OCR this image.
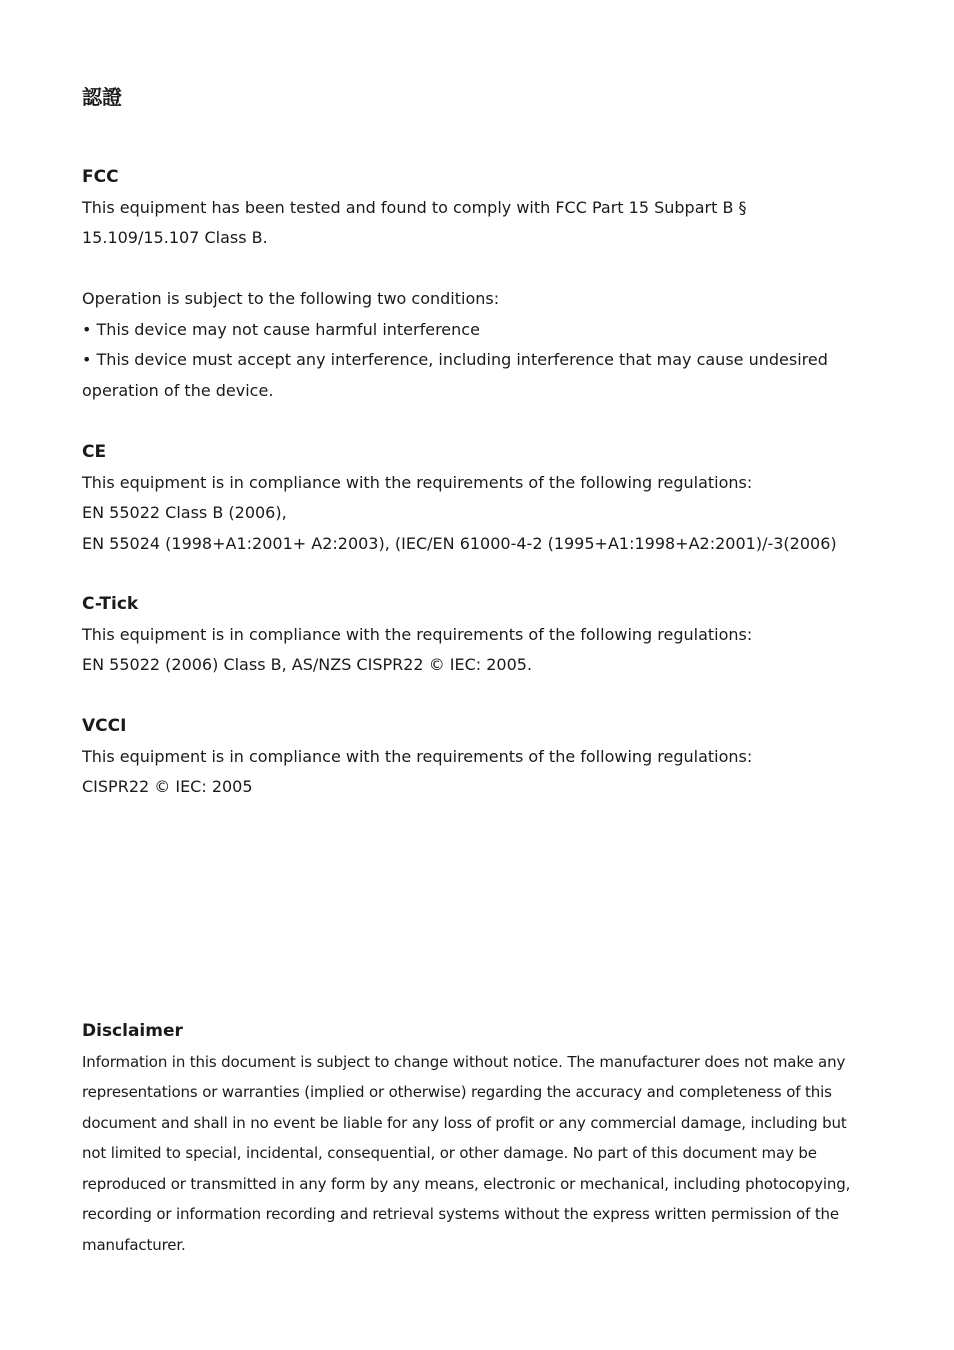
認證
FCC

This equipment has been tested and found to comply with FCC Part 15 Subpart B §

15.109/15.107 Class B.

Operation is subject to the following two conditions:

• This device may not cause harmful interference

• This device must accept any interference, including interference that may cause undesired

operation of the device.

CE

This equipment is in compliance with the requirements of the following regulations:

EN 55022 Class B (2006),

EN 55024 (1998+A1:2001+ A2:2003), (IEC/EN 61000-4-2 (1995+A1:1998+A2:2001)/-3(2006)

C-Tick

This equipment is in compliance with the requirements of the following regulations:

EN 55022 (2006) Class B, AS/NZS CISPR22 © IEC: 2005.

VCCI

This equipment is in compliance with the requirements of the following regulations:

CISPR22 © IEC: 2005

Disclaimer

Information in this document is subject to change without notice. The manufacturer does not make any

representations or warranties (implied or otherwise) regarding the accuracy and completeness of this

document and shall in no event be liable for any loss of profit or any commercial damage, including but

not limited to special, incidental, consequential, or other damage. No part of this document may be

reproduced or transmitted in any form by any means, electronic or mechanical, including photocopying,

recording or information recording and retrieval systems without the express written permission of the

manufacturer.
